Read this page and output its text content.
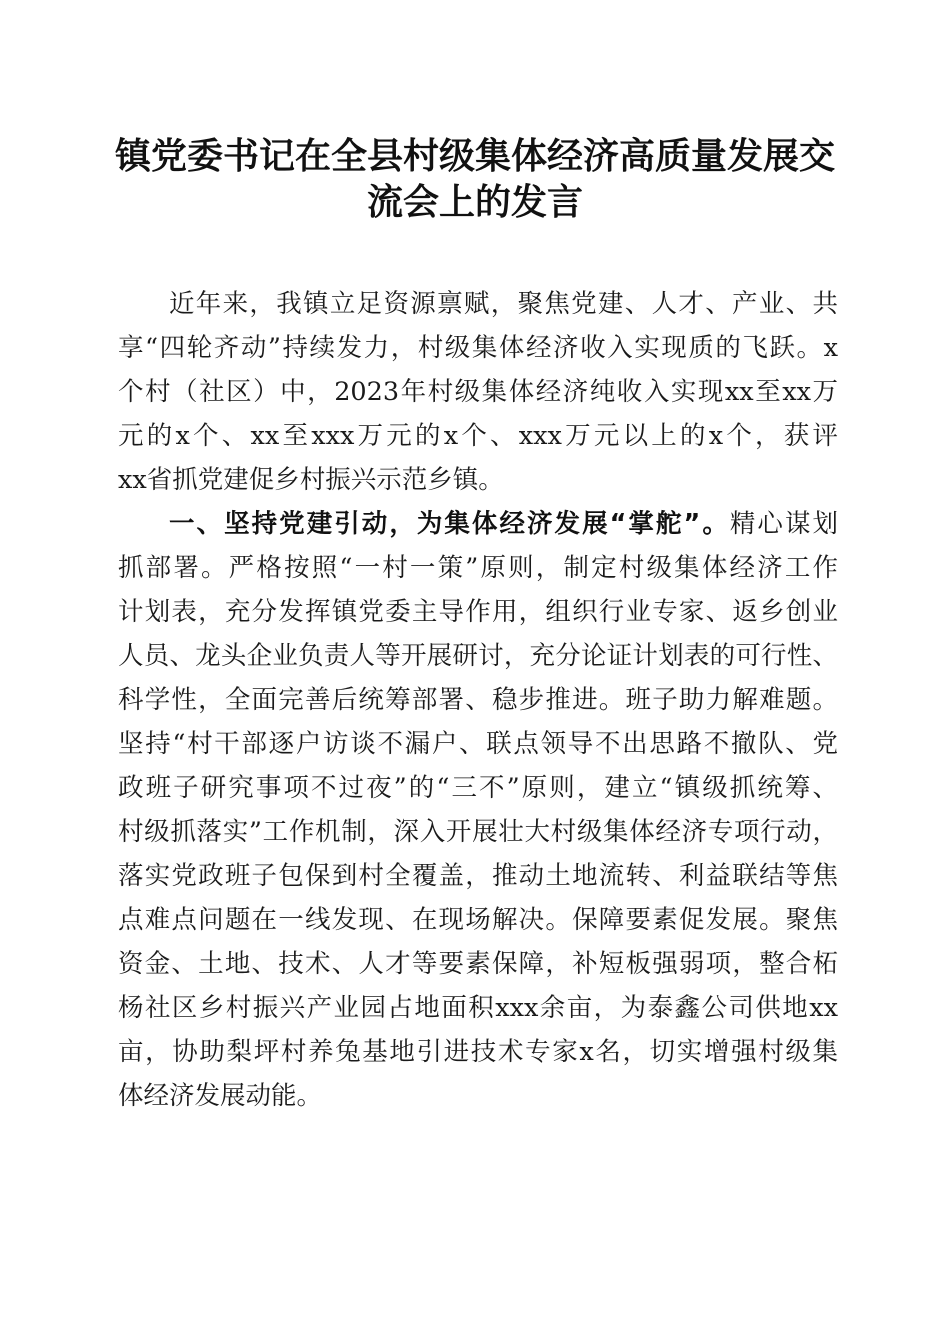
镇党委书记在全县村级集体经济高质量发展交
流会上的发言
近年来，我镇立足资源禀赋，聚焦党建、人才、产业、共
享“四轮齐动”持续发力，村级集体经济收入实现质的飞跃。x
个村（社区）中，2023年村级集体经济纯收入实现xx至xx万
元的x个、xx至xxx万元的x个、xxx万元以上的x个，获评
xx省抓党建促乡村振兴示范乡镇。
一、坚持党建引动，为集体经济发展“掌舵”。精心谋划
抓部署。严格按照“一村一策”原则，制定村级集体经济工作
计划表，充分发挥镇党委主导作用，组织行业专家、返乡创业
人员、龙头企业负责人等开展研讨，充分论证计划表的可行性、
科学性，全面完善后统筹部署、稳步推进。班子助力解难题。
坚持“村干部逐户访谈不漏户、联点领导不出思路不撤队、党
政班子研究事项不过夜”的“三不”原则，建立“镇级抓统筹、
村级抓落实”工作机制，深入开展壮大村级集体经济专项行动，
落实党政班子包保到村全覆盖，推动土地流转、利益联结等焦
点难点问题在一线发现、在现场解决。保障要素促发展。聚焦
资金、土地、技术、人才等要素保障，补短板强弱项，整合柘
杨社区乡村振兴产业园占地面积xxx余亩，为泰鑫公司供地xx
亩，协助梨坪村养兔基地引进技术专家x名，切实增强村级集
体经济发展动能。
